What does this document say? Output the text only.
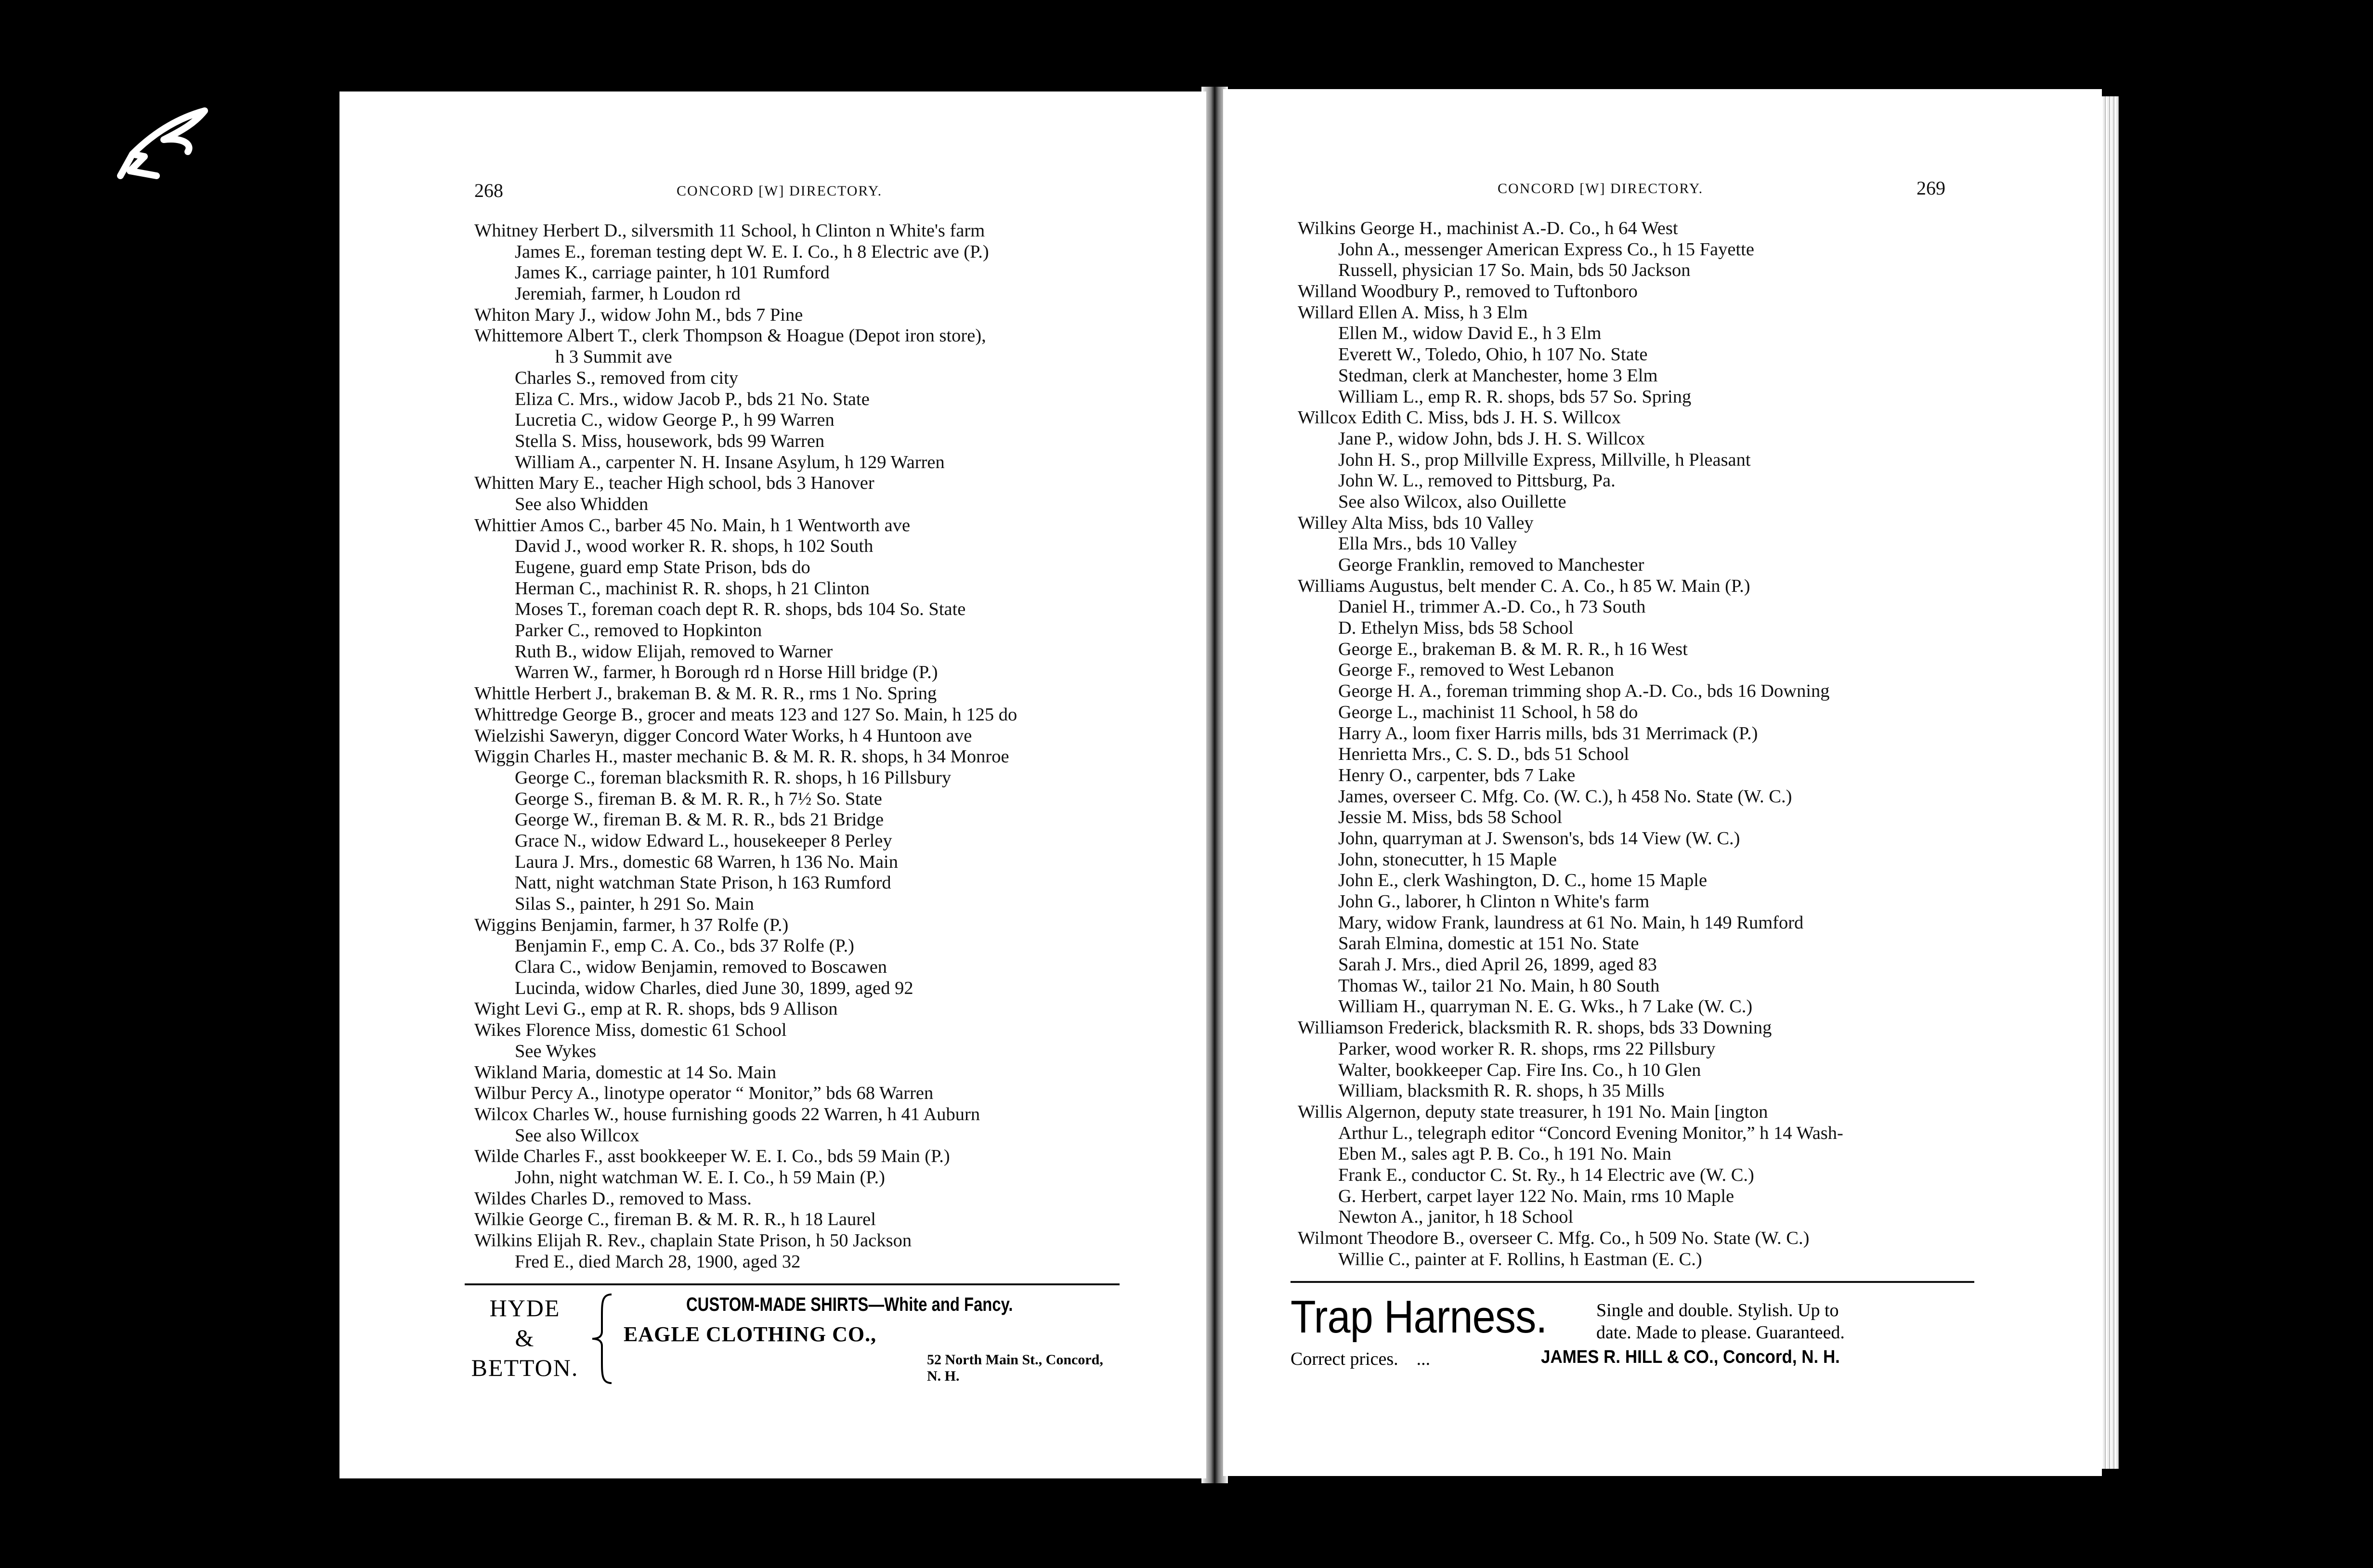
268	CONCORD [W] DIRECTORY.
Whitney Herbert D., silversmith 11 School, h Clinton n White's farm
James E., foreman testing dept W. E. I. Co., h 8 Electric ave (P.)
James K., carriage painter, h 101 Rumford
Jeremiah, farmer, h Loudon rd
Whiton Mary J., widow John M., bds 7 Pine
Whittemore Albert T., clerk Thompson & Hoague (Depot iron store),
h 3 Summit ave
Charles S., removed from city
Eliza C. Mrs., widow Jacob P., bds 21 No. State
Lucretia C., widow George P., h 99 Warren
Stella S. Miss, housework, bds 99 Warren
William A., carpenter N. H. Insane Asylum, h 129 Warren
Whitten Mary E., teacher High school, bds 3 Hanover
See also Whidden
Whittier Amos C., barber 45 No. Main, h 1 Wentworth ave
David J., wood worker R. R. shops, h 102 South
Eugene, guard emp State Prison, bds do
Herman C., machinist R. R. shops, h 21 Clinton
Moses T., foreman coach dept R. R. shops, bds 104 So. State
Parker C., removed to Hopkinton
Ruth B., widow Elijah, removed to Warner
Warren W., farmer, h Borough rd n Horse Hill bridge (P.)
Whittle Herbert J., brakeman B. & M. R. R., rms 1 No. Spring
Whittredge George B., grocer and meats 123 and 127 So. Main, h 125 do
Wielzishi Saweryn, digger Concord Water Works, h 4 Huntoon ave
Wiggin Charles H., master mechanic B. & M. R. R. shops, h 34 Monroe
George C., foreman blacksmith R. R. shops, h 16 Pillsbury
George S., fireman B. & M. R. R., h 7½ So. State
George W., fireman B. & M. R. R., bds 21 Bridge
Grace N., widow Edward L., housekeeper 8 Perley
Laura J. Mrs., domestic 68 Warren, h 136 No. Main
Natt, night watchman State Prison, h 163 Rumford
Silas S., painter, h 291 So. Main
Wiggins Benjamin, farmer, h 37 Rolfe (P.)
Benjamin F., emp C. A. Co., bds 37 Rolfe (P.)
Clara C., widow Benjamin, removed to Boscawen
Lucinda, widow Charles, died June 30, 1899, aged 92
Wight Levi G., emp at R. R. shops, bds 9 Allison
Wikes Florence Miss, domestic 61 School
See Wykes
Wikland Maria, domestic at 14 So. Main
Wilbur Percy A., linotype operator “ Monitor,” bds 68 Warren
Wilcox Charles W., house furnishing goods 22 Warren, h 41 Auburn
See also Willcox
Wilde Charles F., asst bookkeeper W. E. I. Co., bds 59 Main (P.)
John, night watchman W. E. I. Co., h 59 Main (P.)
Wildes Charles D., removed to Mass.
Wilkie George C., fireman B. & M. R. R., h 18 Laurel
Wilkins Elijah R. Rev., chaplain State Prison, h 50 Jackson
Fred E., died March 28, 1900, aged 32
HYDE
&
BETTON.
CUSTOM-MADE SHIRTS—White and Fancy.
EAGLE CLOTHING CO.,
52 North Main St., Concord, N. H.
CONCORD [W] DIRECTORY.	269
Wilkins George H., machinist A.-D. Co., h 64 West
John A., messenger American Express Co., h 15 Fayette
Russell, physician 17 So. Main, bds 50 Jackson
Willand Woodbury P., removed to Tuftonboro
Willard Ellen A. Miss, h 3 Elm
Ellen M., widow David E., h 3 Elm
Everett W., Toledo, Ohio, h 107 No. State
Stedman, clerk at Manchester, home 3 Elm
William L., emp R. R. shops, bds 57 So. Spring
Willcox Edith C. Miss, bds J. H. S. Willcox
Jane P., widow John, bds J. H. S. Willcox
John H. S., prop Millville Express, Millville, h Pleasant
John W. L., removed to Pittsburg, Pa.
See also Wilcox, also Ouillette
Willey Alta Miss, bds 10 Valley
Ella Mrs., bds 10 Valley
George Franklin, removed to Manchester
Williams Augustus, belt mender C. A. Co., h 85 W. Main (P.)
Daniel H., trimmer A.-D. Co., h 73 South
D. Ethelyn Miss, bds 58 School
George E., brakeman B. & M. R. R., h 16 West
George F., removed to West Lebanon
George H. A., foreman trimming shop A.-D. Co., bds 16 Downing
George L., machinist 11 School, h 58 do
Harry A., loom fixer Harris mills, bds 31 Merrimack (P.)
Henrietta Mrs., C. S. D., bds 51 School
Henry O., carpenter, bds 7 Lake
James, overseer C. Mfg. Co. (W. C.), h 458 No. State (W. C.)
Jessie M. Miss, bds 58 School
John, quarryman at J. Swenson's, bds 14 View (W. C.)
John, stonecutter, h 15 Maple
John E., clerk Washington, D. C., home 15 Maple
John G., laborer, h Clinton n White's farm
Mary, widow Frank, laundress at 61 No. Main, h 149 Rumford
Sarah Elmina, domestic at 151 No. State
Sarah J. Mrs., died April 26, 1899, aged 83
Thomas W., tailor 21 No. Main, h 80 South
William H., quarryman N. E. G. Wks., h 7 Lake (W. C.)
Williamson Frederick, blacksmith R. R. shops, bds 33 Downing
Parker, wood worker R. R. shops, rms 22 Pillsbury
Walter, bookkeeper Cap. Fire Ins. Co., h 10 Glen
William, blacksmith R. R. shops, h 35 Mills
Willis Algernon, deputy state treasurer, h 191 No. Main [ington
Arthur L., telegraph editor “Concord Evening Monitor,” h 14 Wash-
Eben M., sales agt P. B. Co., h 191 No. Main
Frank E., conductor C. St. Ry., h 14 Electric ave (W. C.)
G. Herbert, carpet layer 122 No. Main, rms 10 Maple
Newton A., janitor, h 18 School
Wilmont Theodore B., overseer C. Mfg. Co., h 509 No. State (W. C.)
Willie C., painter at F. Rollins, h Eastman (E. C.)
Trap Harness.	Single and double. Stylish. Up to
date. Made to please. Guaranteed.
Correct prices.    ...	JAMES R. HILL & CO., Concord, N. H.
